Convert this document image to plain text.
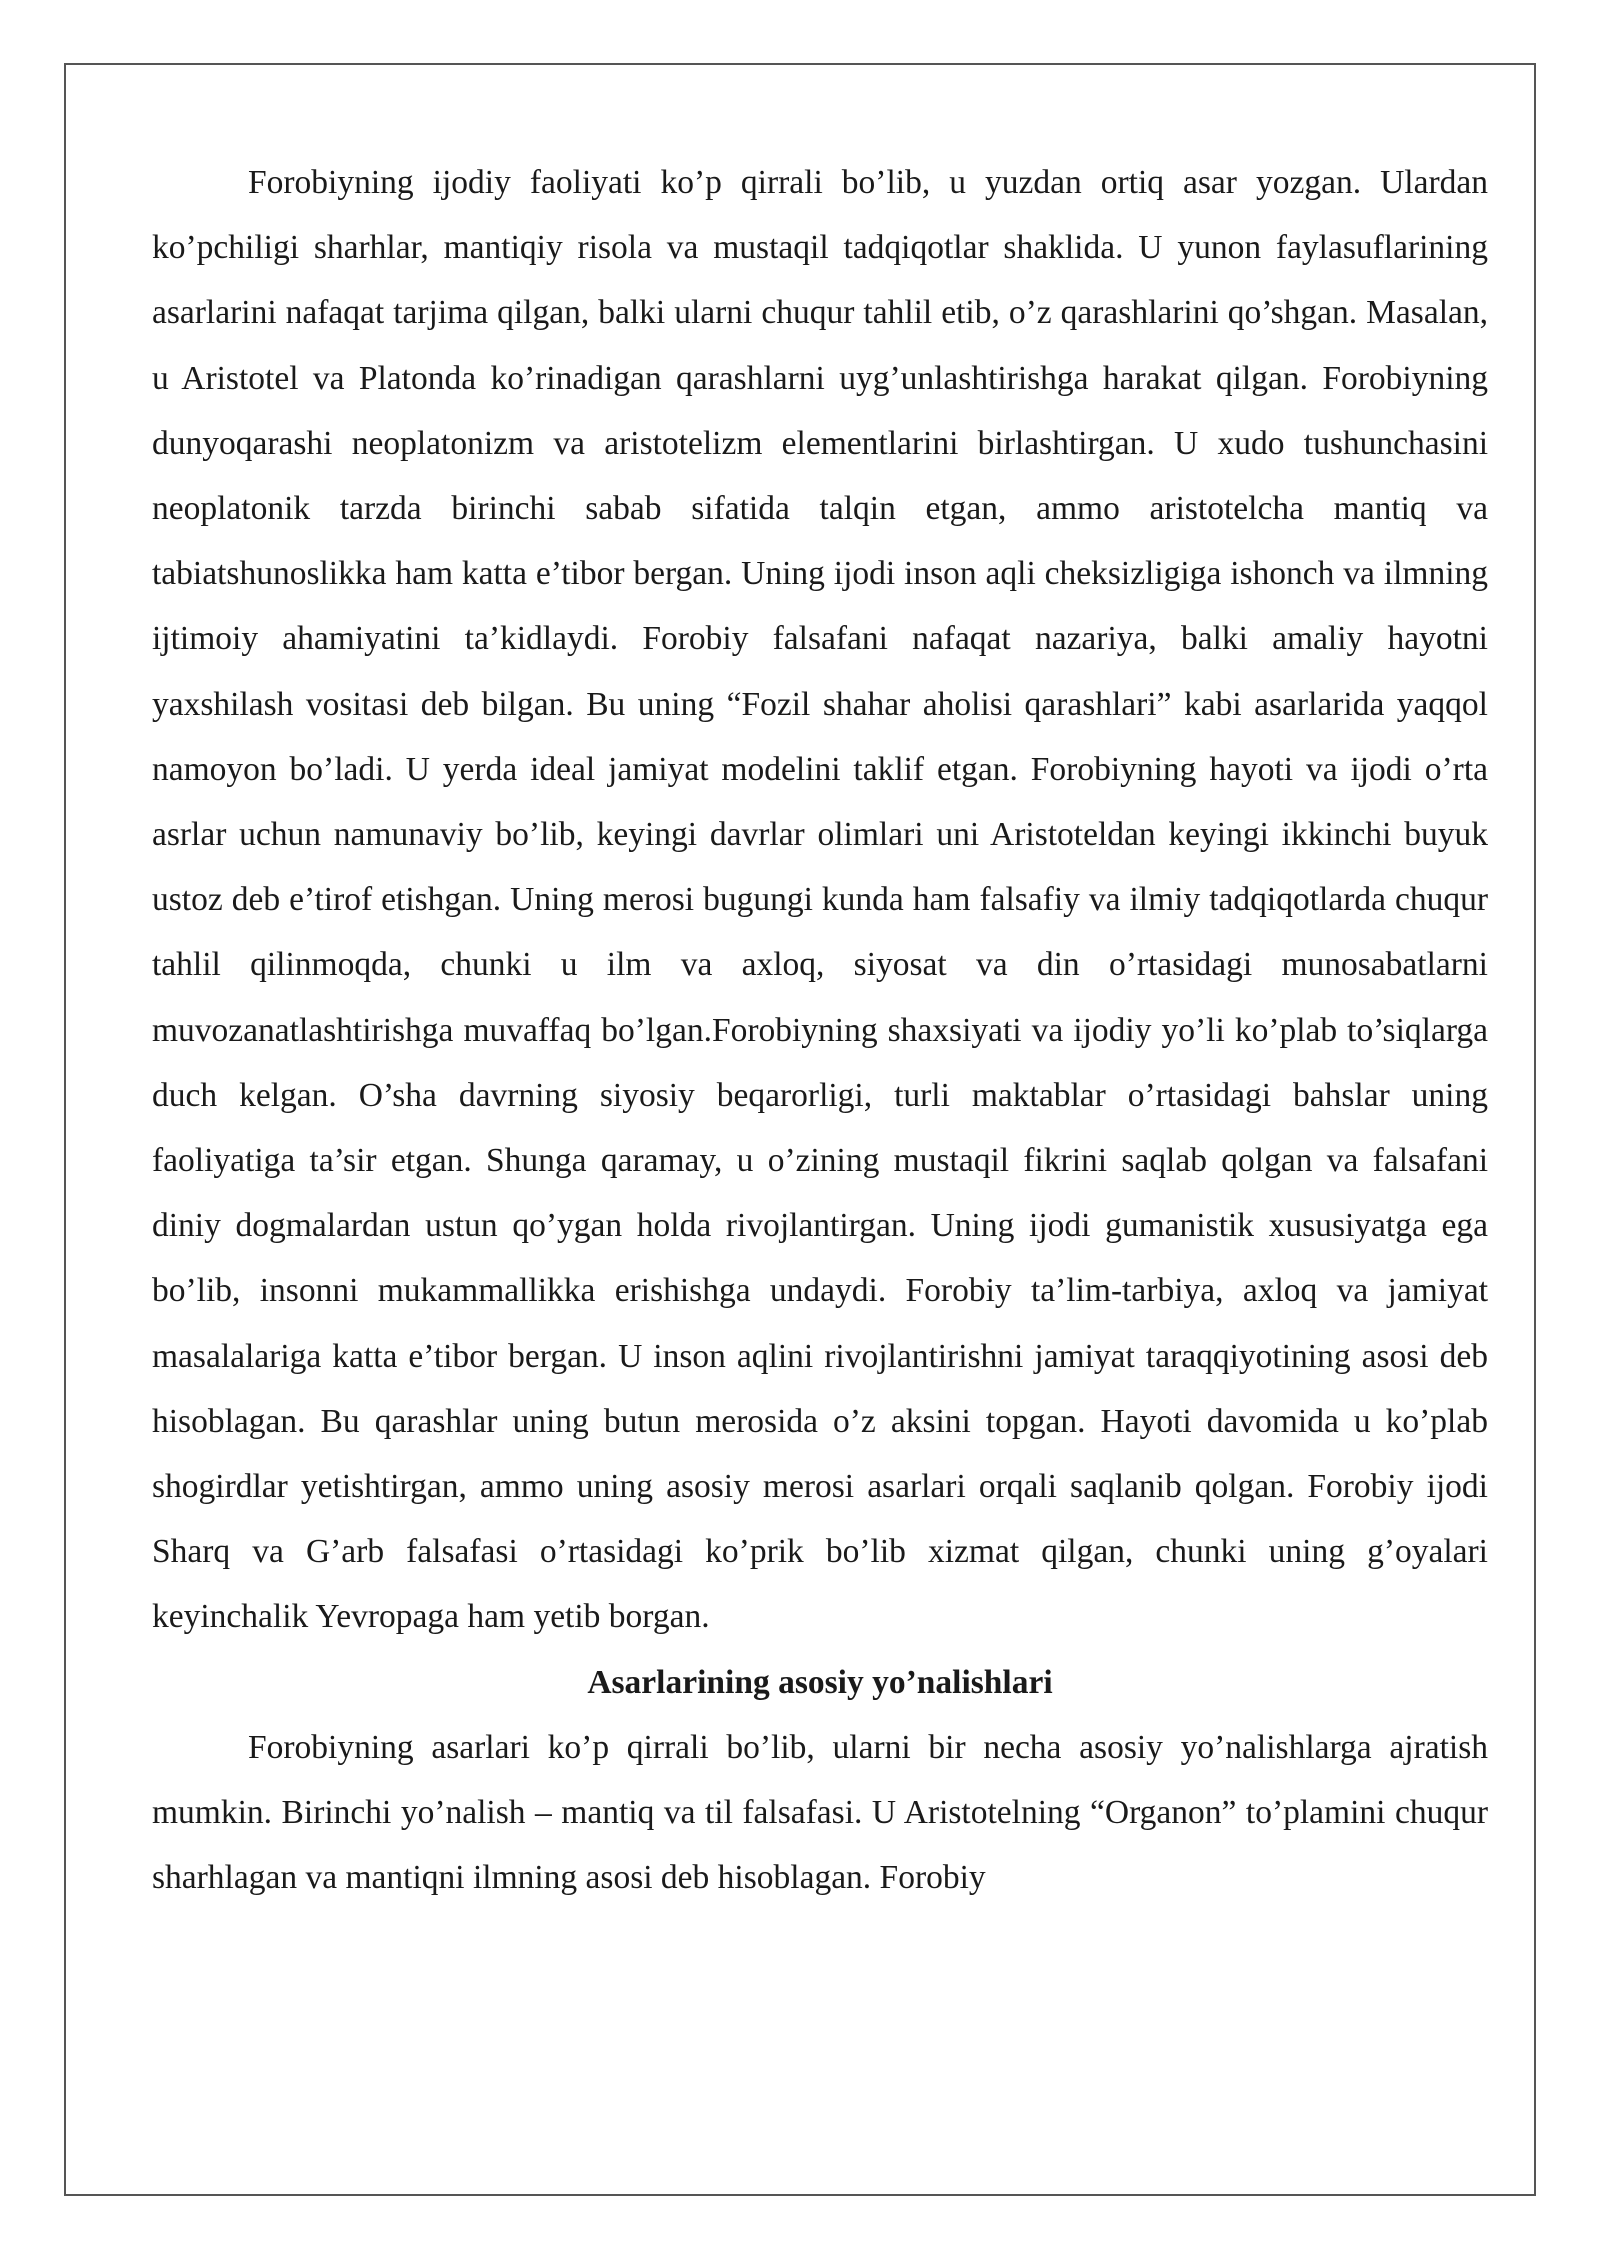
Forobiyning ijodiy faoliyati ko’p qirrali bo’lib, u yuzdan ortiq asar yozgan. Ulardan ko’pchiligi sharhlar, mantiqiy risola va mustaqil tadqiqotlar shaklida. U yunon faylasuflarining asarlarini nafaqat tarjima qilgan, balki ularni chuqur tahlil etib, o’z qarashlarini qo’shgan. Masalan, u Aristotel va Platonda ko’rinadigan qarashlarni uyg’unlashtirishga harakat qilgan. Forobiyning dunyoqarashi neoplatonizm va aristotelizm elementlarini birlashtirgan. U xudo tushunchasini neoplatonik tarzda birinchi sabab sifatida talqin etgan, ammo aristotelcha mantiq va tabiatshunoslikka ham katta e’tibor bergan. Uning ijodi inson aqli cheksizligiga ishonch va ilmning ijtimoiy ahamiyatini ta’kidlaydi. Forobiy falsafani nafaqat nazariya, balki amaliy hayotni yaxshilash vositasi deb bilgan. Bu uning “Fozil shahar aholisi qarashlari” kabi asarlarida yaqqol namoyon bo’ladi. U yerda ideal jamiyat modelini taklif etgan. Forobiyning hayoti va ijodi o’rta asrlar uchun namunaviy bo’lib, keyingi davrlar olimlari uni Aristoteldan keyingi ikkinchi buyuk ustoz deb e’tirof etishgan. Uning merosi bugungi kunda ham falsafiy va ilmiy tadqiqotlarda chuqur tahlil qilinmoqda, chunki u ilm va axloq, siyosat va din o’rtasidagi munosabatlarni muvozanatlashtirishga muvaffaq bo’lgan.Forobiyning shaxsiyati va ijodiy yo’li ko’plab to’siqlarga duch kelgan. O’sha davrning siyosiy beqarorligi, turli maktablar o’rtasidagi bahslar uning faoliyatiga ta’sir etgan. Shunga qaramay, u o’zining mustaqil fikrini saqlab qolgan va falsafani diniy dogmalardan ustun qo’ygan holda rivojlantirgan. Uning ijodi gumanistik xususiyatga ega bo’lib, insonni mukammallikka erishishga undaydi. Forobiy ta’lim-tarbiya, axloq va jamiyat masalalariga katta e’tibor bergan. U inson aqlini rivojlantirishni jamiyat taraqqiyotining asosi deb hisoblagan. Bu qarashlar uning butun merosida o’z aksini topgan. Hayoti davomida u ko’plab shogirdlar yetishtirgan, ammo uning asosiy merosi asarlari orqali saqlanib qolgan. Forobiy ijodi Sharq va G’arb falsafasi o’rtasidagi ko’prik bo’lib xizmat qilgan, chunki uning g’oyalari keyinchalik Yevropaga ham yetib borgan.

Asarlarining asosiy yo’nalishlari

Forobiyning asarlari ko’p qirrali bo’lib, ularni bir necha asosiy yo’nalishlarga ajratish mumkin. Birinchi yo’nalish – mantiq va til falsafasi. U Aristotelning “Organon” to’plamini chuqur sharhlagan va mantiqni ilmning asosi deb hisoblagan. Forobiy
